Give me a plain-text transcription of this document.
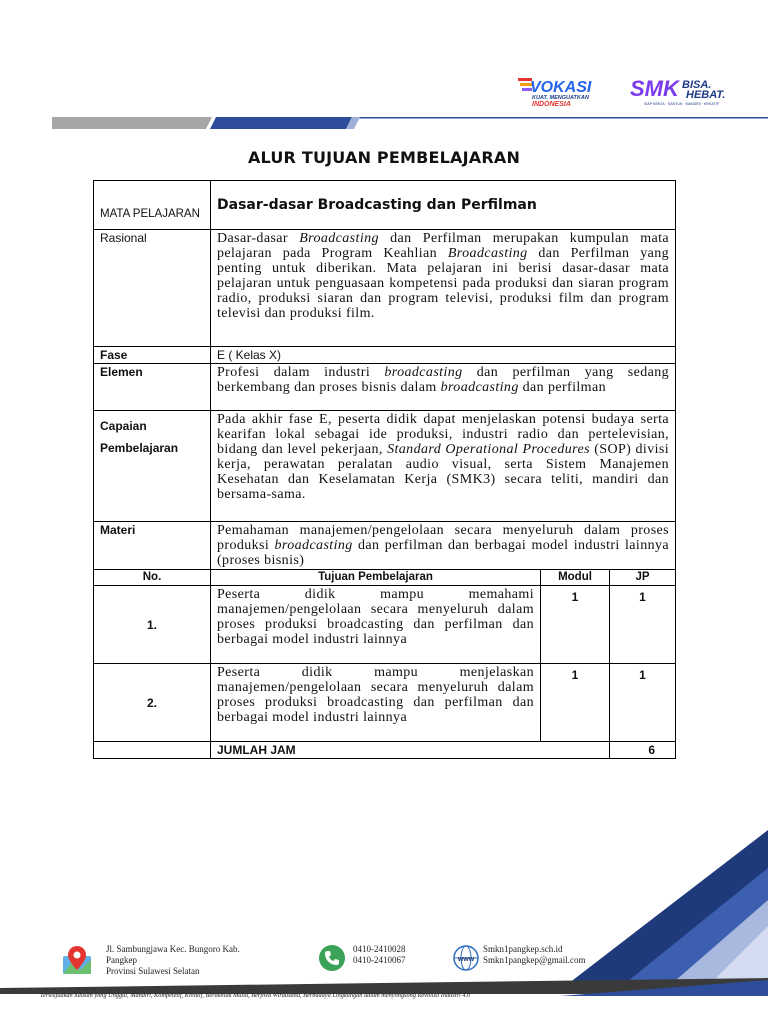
VOKASI
KUAT, MENGUATKAN
INDONESIA
SMK BISA.
HEBAT.
SIAP KERJA · SANTUN · MANDIRI · KREATIF
ALUR TUJUAN PEMBELAJARAN
MATA PELAJARAN	Dasar-dasar Broadcasting dan Perfilman		
Rasional	Dasar-dasar Broadcasting dan Perfilman merupakan kumpulan mata pelajaran pada Program Keahlian Broadcasting dan Perfilman yang penting untuk diberikan. Mata pelajaran ini berisi dasar-dasar mata pelajaran untuk penguasaan kompetensi pada produksi dan siaran program radio, produksi siaran dan program televisi, produksi film dan program televisi dan produksi film.		
Fase	E ( Kelas X)		
Elemen	Profesi dalam industri broadcasting dan perfilman yang sedang berkembang dan proses bisnis dalam broadcasting dan perfilman		
Capaian Pembelajaran	Pada akhir fase E, peserta didik dapat menjelaskan potensi budaya serta kearifan lokal sebagai ide produksi, industri radio dan pertelevisian, bidang dan level pekerjaan, Standard Operational Procedures (SOP) divisi kerja, perawatan peralatan audio visual, serta Sistem Manajemen Kesehatan dan Keselamatan Kerja (SMK3) secara teliti, mandiri dan bersama-sama.		
Materi	Pemahaman manajemen/pengelolaan secara menyeluruh dalam proses produksi broadcasting dan perfilman dan berbagai model industri lainnya (proses bisnis)		
No.	Tujuan Pembelajaran	Modul	JP
1.	Peserta didik mampu memahami manajemen/pengelolaan secara menyeluruh dalam proses produksi broadcasting dan perfilman dan berbagai model industri lainnya	1	1
2.	Peserta didik mampu menjelaskan manajemen/pengelolaan secara menyeluruh dalam proses produksi broadcasting dan perfilman dan berbagai model industri lainnya	1	1
	JUMLAH JAM		6
Jl. Sambungjawa Kec. Bungoro Kab.
Pangkep
Provinsi Sulawesi Selatan
0410-2410028
0410-2410067	www
Smkn1pangkep.sch.id
Smkn1pangkep@gmail.com
Terwujudkan lulusan yang Unggul, Mandiri, Kompetetif, Kreatif, Berakhlak Mulia, Berjiwa Wirausaha, Berbudaya Lingkungan dalam menyongsong Revolusi Industri 4.0
